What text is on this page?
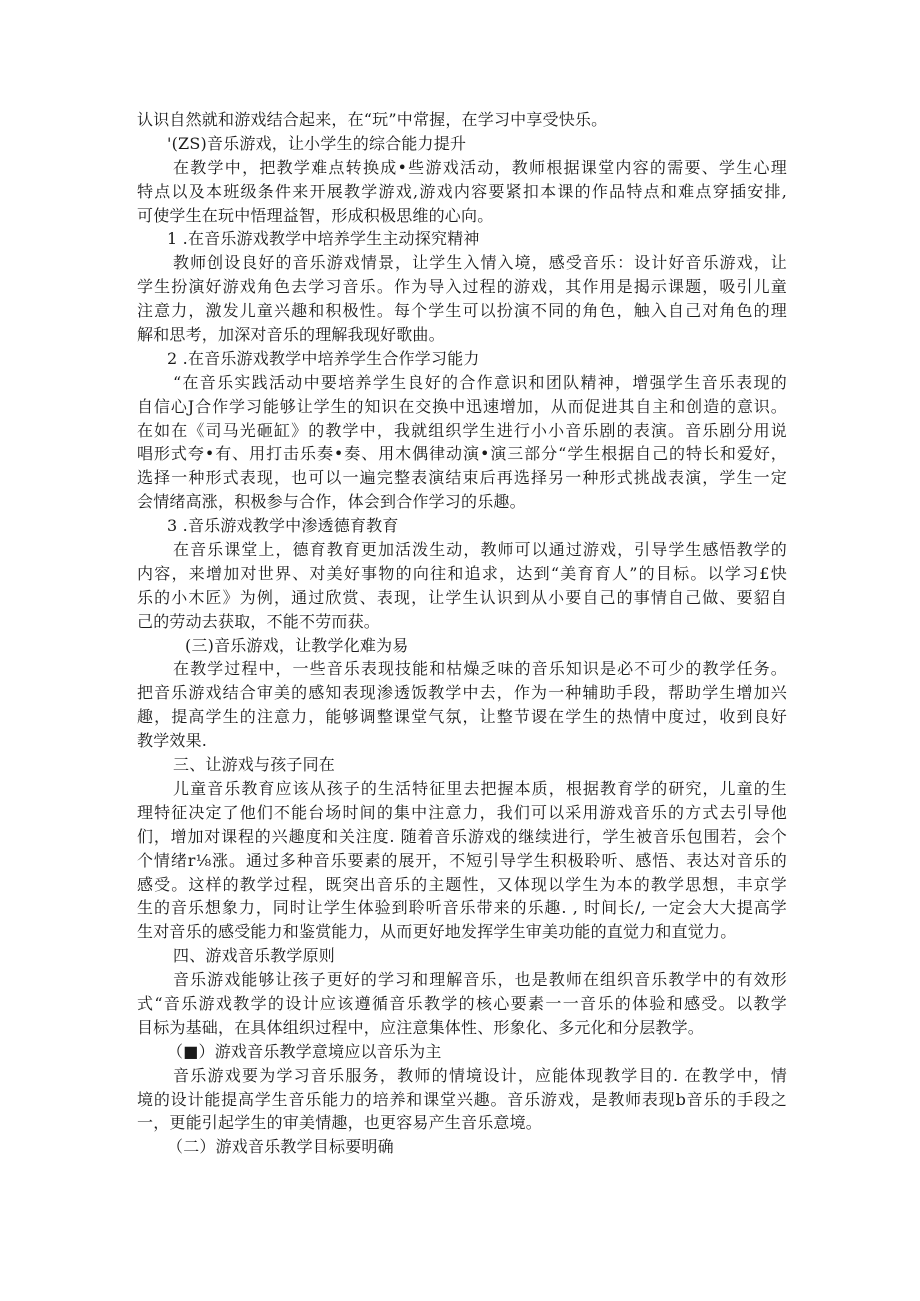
认识自然就和游戏结合起来，在“玩”中常握，在学习中享受快乐。
'(ZS)音乐游戏，让小学生的综合能力提升
在教学中，把教学难点转换成•些游戏活动，教师根据课堂内容的需要、学生心理
特点以及本班级条件来开展教学游戏,游戏内容要紧扣本课的作品特点和难点穿插安排,
可使学生在玩中悟理益智，形成积极思维的心向。
1 .在音乐游戏教学中培养学生主动探究精神
教师创设良好的音乐游戏情景，让学生入情入境，感受音乐：设计好音乐游戏，让
学生扮演好游戏角色去学习音乐。作为导入过程的游戏，其作用是揭示课题，吸引儿童
注意力，激发儿童兴趣和积极性。每个学生可以扮演不同的角色，触入自己对角色的理
解和思考，加深对音乐的理解我现好歌曲。
2 .在音乐游戏教学中培养学生合作学习能力
“在音乐实践活动中要培养学生良好的合作意识和团队精神，增强学生音乐表现的
自信心J合作学习能够让学生的知识在交换中迅速增加，从而促进其自主和创造的意识。
在如在《司马光砸缸》的教学中，我就组织学生进行小小音乐剧的表演。音乐剧分用说
唱形式夸•有、用打击乐奏•奏、用木偶律动演•演三部分“学生根据自己的特长和爱好，
选择一种形式表现，也可以一遍完整表演结束后再选择另一种形式挑战表演，学生一定
会情绪高涨，积极参与合作，体会到合作学习的乐趣。
3 .音乐游戏教学中渗透德育教育
在音乐课堂上，德育教育更加活泼生动，教师可以通过游戏，引导学生感悟教学的
内容，来增加对世界、对美好事物的向往和追求，达到“美育育人”的目标。以学习£快
乐的小木匠》为例，通过欣赏、表现，让学生认识到从小要自己的事情自己做、要貂自
己的劳动去获取，不能不劳而获。
(三)音乐游戏，让教学化难为易
在教学过程中，一些音乐表现技能和枯燥乏味的音乐知识是必不可少的教学任务。
把音乐游戏结合审美的感知表现渗透饭教学中去，作为一种辅助手段，帮助学生增加兴
趣，提高学生的注意力，能够调整课堂气氛，让整节谡在学生的热情中度过，收到良好
教学效果.
三、让游戏与孩子同在
儿童音乐教育应该从孩子的生活特征里去把握本质，根据教育学的研究，儿童的生
理特征决定了他们不能台场时间的集中注意力，我们可以采用游戏音乐的方式去引导他
们，增加对课程的兴趣度和关注度. 随着音乐游戏的继续进行，学生被音乐包围若，会个
个情绪r⅛涨。通过多种音乐要素的展开，不短引导学生积极聆听、感悟、表达对音乐的
感受。这样的教学过程，既突出音乐的主题性，又体现以学生为本的教学思想，丰京学
生的音乐想象力，同时让学生体验到聆听音乐带来的乐趣. , 时间长/, 一定会大大提高学
生对音乐的感受能力和鉴赏能力，从而更好地发挥学生审美功能的直觉力和直觉力。
四、游戏音乐教学原则
音乐游戏能够让孩子更好的学习和理解音乐，也是教师在组织音乐教学中的有效形
式“音乐游戏教学的设计应该遵循音乐教学的核心要素一一音乐的体验和感受。以教学
目标为基础，在具体组织过程中，应注意集体性、形象化、多元化和分层教学。
（■）游戏音乐教学意境应以音乐为主
音乐游戏要为学习音乐服务，教师的情境设计，应能体现教学目的. 在教学中，情
境的设计能提高学生音乐能力的培养和课堂兴趣。音乐游戏，是教师表现b音乐的手段之
一，更能引起学生的审美情趣，也更容易产生音乐意境。
（二）游戏音乐教学目标要明确
